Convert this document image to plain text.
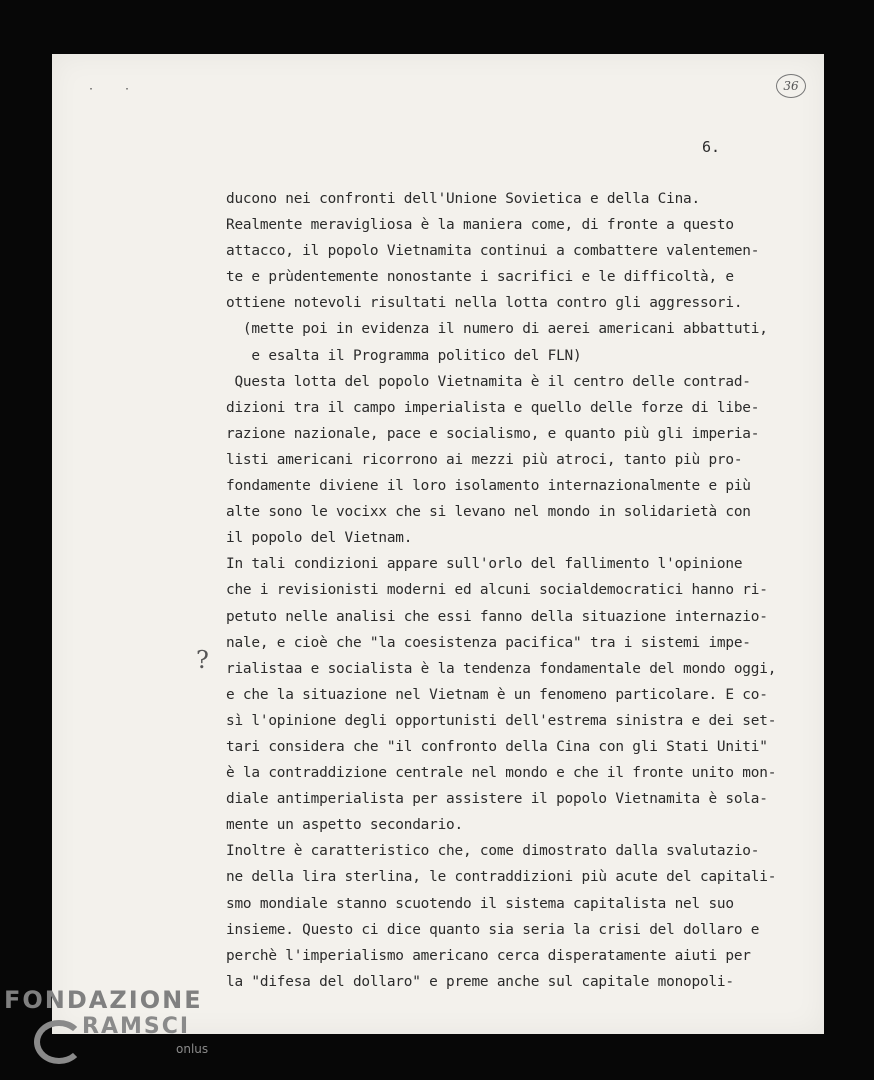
· ·	36
6.
?
ducono nei confronti dell'Unione Sovietica e della Cina.
Realmente meravigliosa è la maniera come, di fronte a questo
attacco, il popolo Vietnamita continui a combattere valentemen-
te e prùdentemente nonostante i sacrifici e le difficoltà, e
ottiene notevoli risultati nella lotta contro gli aggressori.
(mette poi in evidenza il numero di aerei americani abbattuti,
e esalta il Programma politico del FLN)
Questa lotta del popolo Vietnamita è il centro delle contrad-
dizioni tra il campo imperialista e quello delle forze di libe-
razione nazionale, pace e socialismo, e quanto più gli imperia-
listi americani ricorrono ai mezzi più atroci, tanto più pro-
fondamente diviene il loro isolamento internazionalmente e più
alte sono le vocixx che si levano nel mondo in solidarietà con
il popolo del Vietnam.
In tali condizioni appare sull'orlo del fallimento l'opinione
che i revisionisti moderni ed alcuni socialdemocratici hanno ri-
petuto nelle analisi che essi fanno della situazione internazio-
nale, e cioè che "la coesistenza pacifica" tra i sistemi impe-
rialistaa e socialista è la tendenza fondamentale del mondo oggi,
e che la situazione nel Vietnam è un fenomeno particolare. E co-
sì l'opinione degli opportunisti dell'estrema sinistra e dei set-
tari considera che "il confronto della Cina con gli Stati Uniti"
è la contraddizione centrale nel mondo e che il fronte unito mon-
diale antimperialista per assistere il popolo Vietnamita è sola-
mente un aspetto secondario.
Inoltre è caratteristico che, come dimostrato dalla svalutazio-
ne della lira sterlina, le contraddizioni più acute del capitali-
smo mondiale stanno scuotendo il sistema capitalista nel suo
insieme. Questo ci dice quanto sia seria la crisi del dollaro e
perchè l'imperialismo americano cerca disperatamente aiuti per
la "difesa del dollaro" e preme anche sul capitale monopoli-
FONDAZIONE
RAMSCI
onlus
